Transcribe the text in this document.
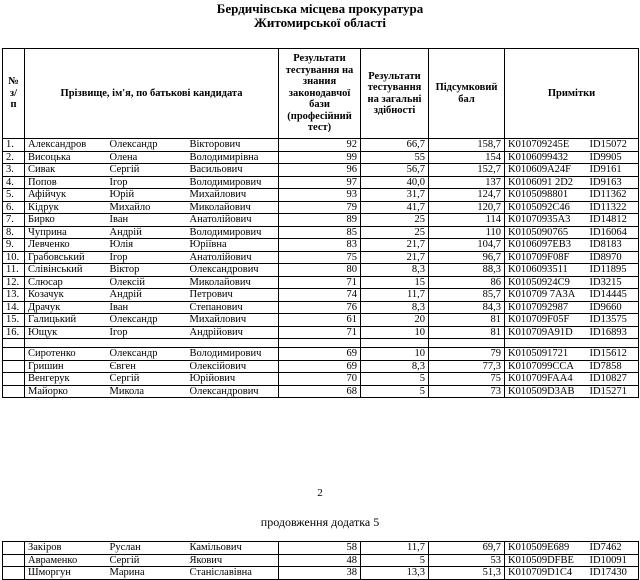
Бердичівська місцева прокуратура
Житомирської області
№ з/ п	Прізвище, ім'я, по батькові кандидата			Результати тестування на знания законодавчої бази (професійний тест)	Результати тестування на загальні здібності	Підсумковий бал	Примітки	
1.	Александров	Олександр	Вікторович	92	66,7	158,7	K010709245E	ID15072
2.	Висоцька	Олена	Володимирівна	99	55	154	K0106099432	ID9905
3.	Сивак	Сергій	Васильович	96	56,7	152,7	K010609A24F	ID9161
4.	Попов	Ігор	Володимирович	97	40,0	137	K0106091 2D2	ID9163
5.	Афійчук	Юрій	Михайлович	93	31,7	124,7	K0105098801	ID11362
6.	Кідрук	Михайло	Миколайович	79	41,7	120,7	K0105092C46	ID11322
7.	Бирко	Іван	Анатолійович	89	25	114	K01070935A3	ID14812
8.	Чуприна	Андрій	Володимирович	85	25	110	K0105090765	ID16064
9.	Левченко	Юлія	Юріївна	83	21,7	104,7	K0106097EB3	ID8183
10.	Грабовський	Ігор	Анатолійович	75	21,7	96,7	K010709F08F	ID8970
11.	Слівінський	Віктор	Олександрович	80	8,3	88,3	K0106093511	ID11895
12.	Слюсар	Олексій	Миколайович	71	15	86	K01050924C9	ID3215
13.	Козачук	Андрій	Петрович	74	11,7	85,7	K010709 7A3A	ID14445
14.	Драчук	Іван	Степанович	76	8,3	84,3	K0107092987	ID9660
15.	Галицький	Олександр	Михайлович	61	20	81	K010709F05F	ID13575
16.	Ющук	Ігор	Андрійович	71	10	81	K010709A91D	ID16893

	Сиротенко	Олександр	Володимирович	69	10	79	K0105091721	ID15612
	Гришин	Євген	Олексійович	69	8,3	77,3	K0107099CCA	ID7858
	Венгерук	Сергій	Юрійович	70	5	75	K010709FAA4	ID10827
	Майорко	Микола	Олександрович	68	5	73	K010509D3AB	ID15271
2
продовження додатка 5
	Закіров	Руслан	Камільович	58	11,7	69,7	K010509E689	ID7462
	Авраменко	Сергій	Якович	48	5	53	K010509DFBE	ID10091
	Шморгун	Марина	Станіславівна	38	13,3	51,3	K010709D1C4	ID17430
